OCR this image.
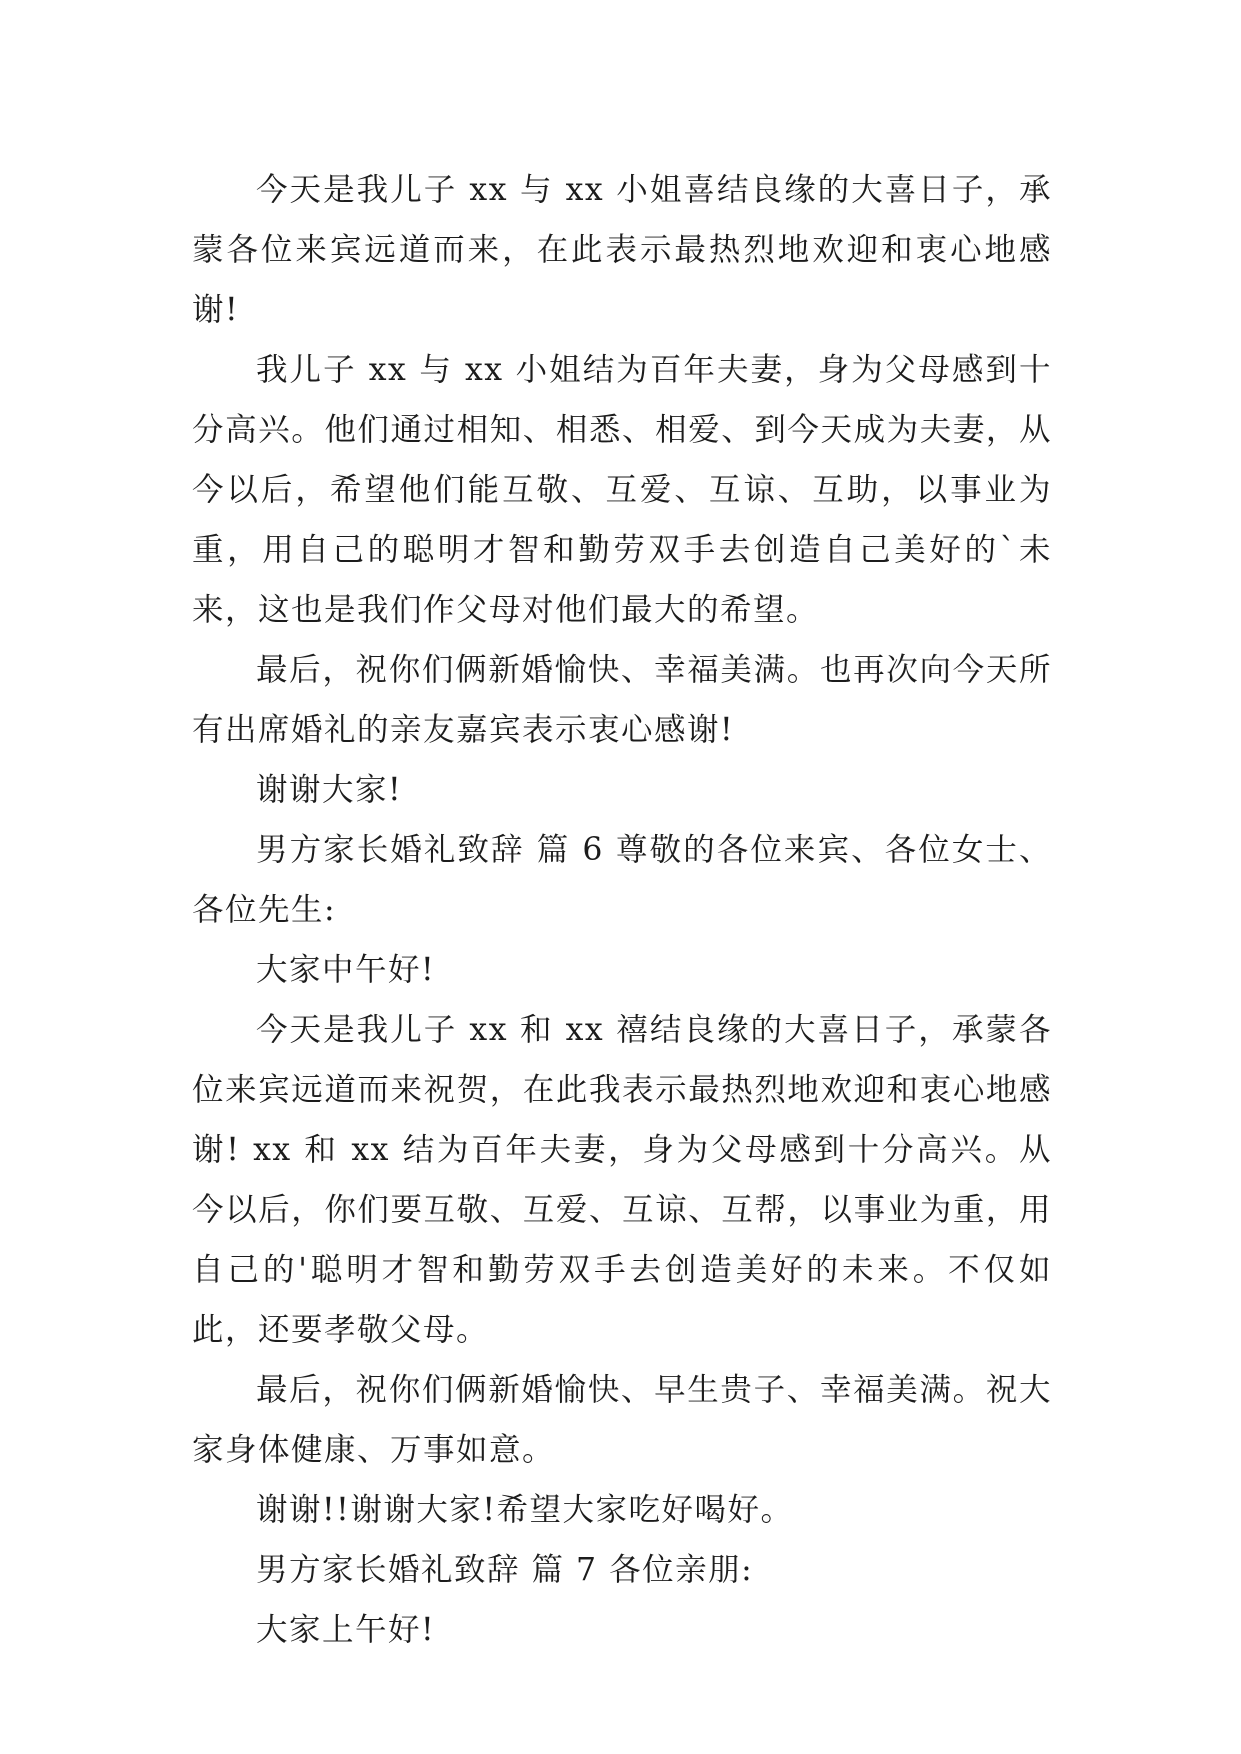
今天是我儿子 xx 与 xx 小姐喜结良缘的大喜日子，承蒙各位来宾远道而来，在此表示最热烈地欢迎和衷心地感谢!

我儿子 xx 与 xx 小姐结为百年夫妻，身为父母感到十分高兴。他们通过相知、相悉、相爱、到今天成为夫妻，从今以后，希望他们能互敬、互爱、互谅、互助，以事业为重，用自己的聪明才智和勤劳双手去创造自己美好的`未来，这也是我们作父母对他们最大的希望。

最后，祝你们俩新婚愉快、幸福美满。也再次向今天所有出席婚礼的亲友嘉宾表示衷心感谢!

谢谢大家!

男方家长婚礼致辞 篇 6 尊敬的各位来宾、各位女士、各位先生:

大家中午好!

今天是我儿子 xx 和 xx 禧结良缘的大喜日子，承蒙各位来宾远道而来祝贺，在此我表示最热烈地欢迎和衷心地感谢! xx 和 xx 结为百年夫妻，身为父母感到十分高兴。从今以后，你们要互敬、互爱、互谅、互帮，以事业为重，用自己的'聪明才智和勤劳双手去创造美好的未来。不仅如此，还要孝敬父母。

最后，祝你们俩新婚愉快、早生贵子、幸福美满。祝大家身体健康、万事如意。

谢谢!!谢谢大家!希望大家吃好喝好。

男方家长婚礼致辞 篇 7 各位亲朋:

大家上午好!
